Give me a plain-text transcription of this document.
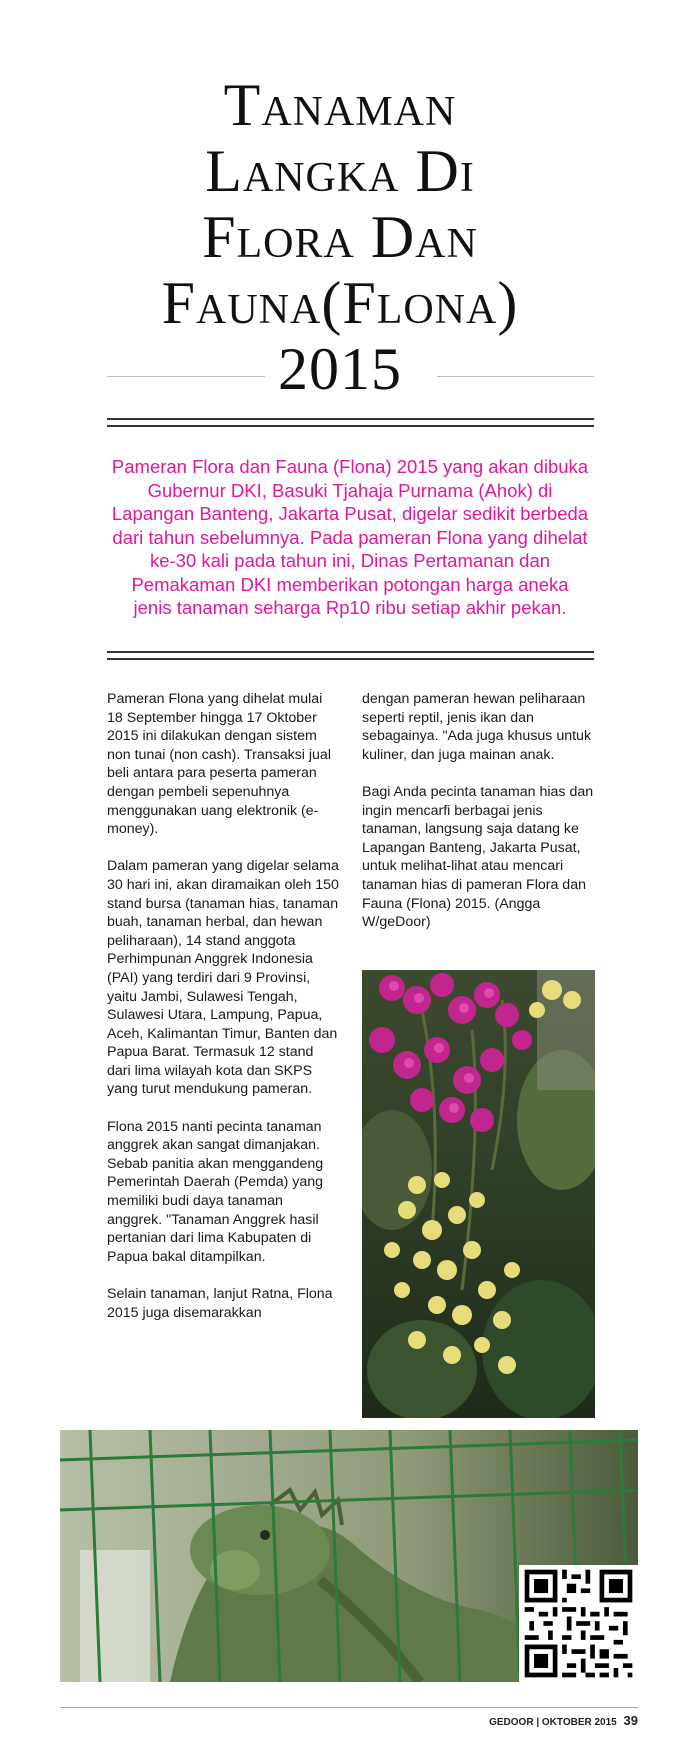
Tanaman
Langka Di
Flora Dan
Fauna(Flona)
2015
Pameran Flora dan Fauna (Flona) 2015 yang akan dibuka Gubernur DKI, Basuki Tjahaja Purnama (Ahok) di Lapangan Banteng, Jakarta Pusat, digelar sedikit berbeda dari tahun sebelumnya. Pada pameran Flona yang dihelat ke-30 kali pada tahun ini, Dinas Pertamanan dan Pemakaman DKI memberikan potongan harga aneka jenis tanaman seharga Rp10 ribu setiap akhir pekan.

Pameran Flona yang dihelat mulai 18 September hingga 17 Oktober 2015 ini dilakukan dengan sistem non tunai (non cash). Transaksi jual beli antara para peserta pameran dengan pembeli sepenuhnya menggunakan uang elektronik (e-money).

Dalam pameran yang digelar selama 30 hari ini, akan diramaikan oleh 150 stand bursa (tanaman hias, tanaman buah, tanaman herbal, dan hewan peliharaan), 14 stand anggota Perhimpunan Anggrek Indonesia (PAI) yang terdiri dari 9 Provinsi, yaitu Jambi, Sulawesi Tengah, Sulawesi Utara, Lampung, Papua, Aceh, Kalimantan Timur, Banten dan Papua Barat. Termasuk 12 stand dari lima wilayah kota dan SKPS yang turut mendukung pameran.

Flona 2015 nanti pecinta tanaman anggrek akan sangat dimanjakan. Sebab panitia akan menggandeng Pemerintah Daerah (Pemda) yang memiliki budi daya tanaman anggrek. "Tanaman Anggrek hasil pertanian dari lima Kabupaten di Papua bakal ditampilkan.

Selain tanaman, lanjut Ratna, Flona 2015 juga disemarakkan

dengan pameran hewan peliharaan seperti reptil, jenis ikan dan sebagainya. "Ada juga khusus untuk kuliner, dan juga mainan anak.

Bagi Anda pecinta tanaman hias dan ingin mencarfi berbagai jenis tanaman, langsung saja datang ke Lapangan Banteng, Jakarta Pusat, untuk melihat-lihat atau mencari tanaman hias di pameran Flora dan Fauna (Flona) 2015. (Angga W/geDoor)

GEDOOR | OKTOBER 2015 39
